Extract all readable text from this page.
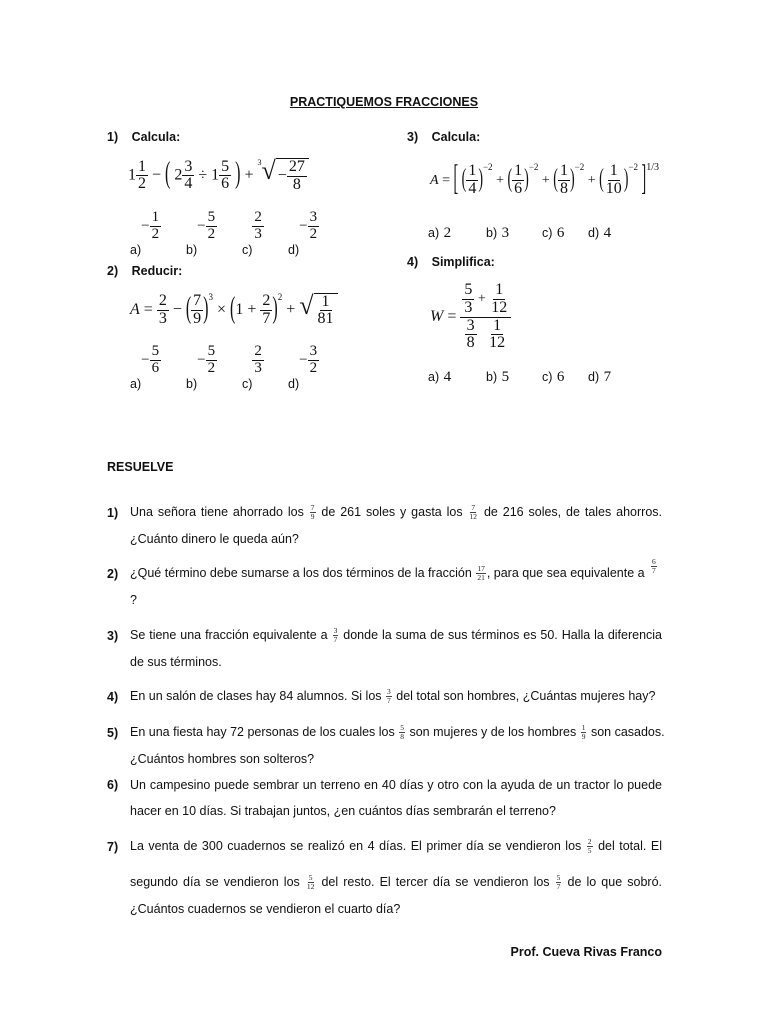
PRACTIQUEMOS FRACCIONES
1) Calcula:
$1 \frac{1}{2}$ − ( $2 \frac{3}{4} \div 1 \frac{5}{6}$ ) +
3 √ − $\frac{27}{8}$
$_{a)}- \frac{1}{2}$
$_{b)}- \frac{5}{2}$
$_{c)}$
$\frac{2}{3}$
$_{d)}- \frac{3}{2}$
2) Reducir:
$A = \frac{2}{3}$ − ( $\frac{7}{9} )^3 \times (1 + \frac{2}{7} )^2$ + √ $\frac{1}{81}$
$_{a)}- \frac{5}{6}$
$_{b)}- \frac{5}{2}$
$_{c)}$
$\frac{2}{3}$
$_{d)}- \frac{3}{2}$
3) Calcula:
A = [ ( $\frac{1}{4} )^{-2}$ + ( $\frac{1}{6} )^{-2}$ + ( $\frac{1}{8} )^{-2}$ + ( $\frac{1}{10} )^{-2}$ ]$^{1/3}$
a) 2	b) 3	c) 6 d) 4
4) Simplifica:
$W = \frac{5}{3} + \frac{1}{12}$
$\frac{3}{8}$
$\frac{1}{12}$
a) 4	b) 5	c) 6 d) 7
RESUELVE
1) Una señora tiene ahorrado los $\frac{7}{9}$ de 261 soles y gasta los $\frac{7}{12}$ de 216 soles, de tales ahorros.
¿Cuánto dinero le queda aún?
2) ¿Qué término debe sumarse a los dos términos de la fracción $\frac{17}{21}$ , para que sea equivalente a $\frac{6}{7}$
?
3) Se tiene una fracción equivalente a $\frac{3}{7}$ donde la suma de sus términos es 50. Halla la diferencia
de sus términos.
4) En un salón de clases hay 84 alumnos. Si los $\frac{3}{7}$ del total son hombres, ¿Cuántas mujeres hay?
5) En una fiesta hay 72 personas de los cuales los $\frac{5}{8}$ son mujeres y de los hombres $\frac{1}{9}$ son casados.
¿Cuántos hombres son solteros?
6) Un campesino puede sembrar un terreno en 40 días y otro con la ayuda de un tractor lo puede
hacer en 10 días. Si trabajan juntos, ¿en cuántos días sembrarán el terreno?
7) La venta de 300 cuadernos se realizó en 4 días. El primer día se vendieron los $\frac{2}{5}$ del total. El
segundo día se vendieron los $\frac{5}{12}$ del resto. El tercer día se vendieron los $\frac{5}{7}$ de lo que sobró.
¿Cuántos cuadernos se vendieron el cuarto día?
Prof. Cueva Rivas Franco
